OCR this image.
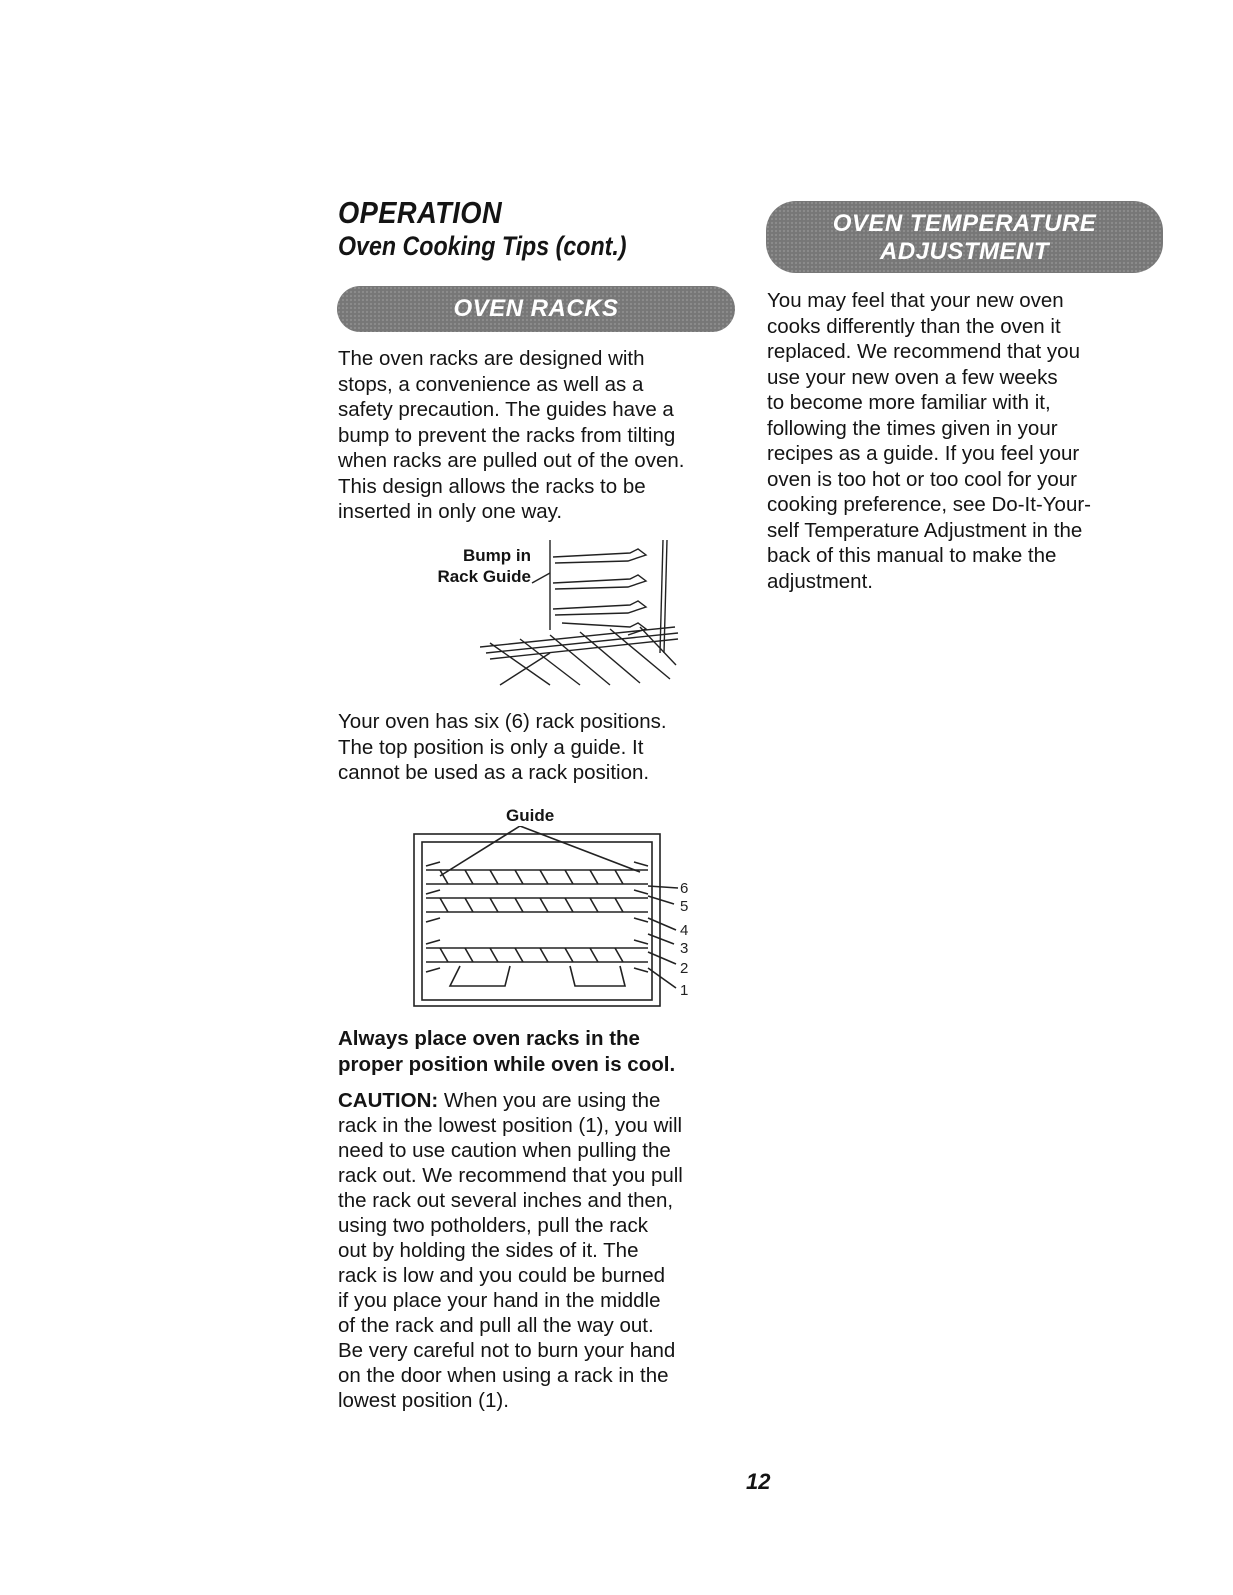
OPERATION
Oven Cooking Tips (cont.)
OVEN RACKS

The oven racks are designed with
stops, a convenience as well as a
safety precaution. The guides have a
bump to prevent the racks from tilting
when racks are pulled out of the oven.
This design allows the racks to be
inserted in only one way.

Bump in
Rack Guide

Your oven has six (6) rack positions.
The top position is only a guide. It
cannot be used as a rack position.

Guide

6
5
4
3
2
1

Always place oven racks in the
proper position while oven is cool.

CAUTION: When you are using the
rack in the lowest position (1), you will
need to use caution when pulling the
rack out. We recommend that you pull
the rack out several inches and then,
using two potholders, pull the rack
out by holding the sides of it. The
rack is low and you could be burned
if you place your hand in the middle
of the rack and pull all the way out.
Be very careful not to burn your hand
on the door when using a rack in the
lowest position (1).

OVEN TEMPERATURE
ADJUSTMENT

You may feel that your new oven
cooks differently than the oven it
replaced. We recommend that you
use your new oven a few weeks
to become more familiar with it,
following the times given in your
recipes as a guide. If you feel your
oven is too hot or too cool for your
cooking preference, see Do-It-Your-
self Temperature Adjustment in the
back of this manual to make the
adjustment.

12
